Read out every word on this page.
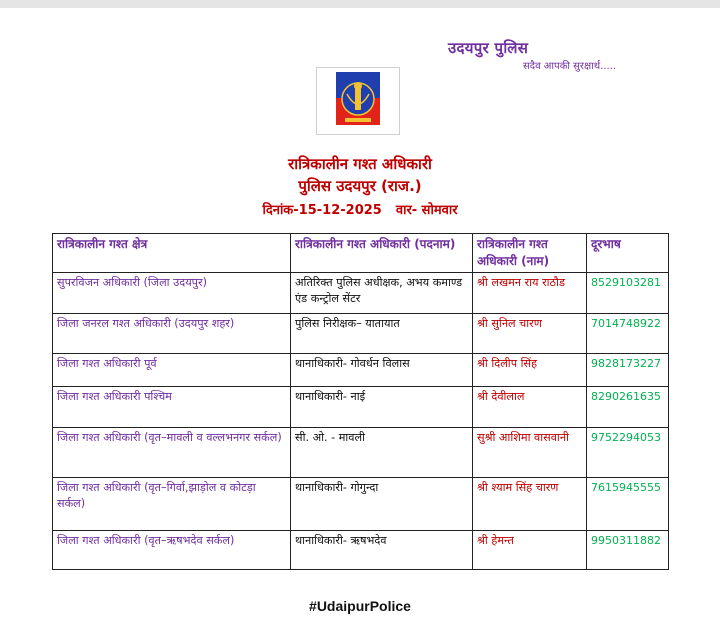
उदयपुर पुलिस
सदैव आपकी सुरक्षार्थ.....
रात्रिकालीन गश्त अधिकारी
पुलिस उदयपुर (राज.)
दिनांक-15-12-2025 वार- सोमवार
रात्रिकालीन गश्त क्षेत्र	रात्रिकालीन गश्त अधिकारी (पदनाम)	रात्रिकालीन गश्त अधिकारी (नाम)	दूरभाष
सुपरविजन अधिकारी (जिला उदयपुर)	अतिरिक्त पुलिस अधीक्षक, अभय कमाण्ड एंड कन्ट्रोल सेंटर	श्री लखमन राय राठौड	8529103281
जिला जनरल गश्त अधिकारी (उदयपुर शहर)	पुलिस निरीक्षक– यातायात	श्री सुनिल चारण	7014748922
जिला गश्त अधिकारी पूर्व	थानाधिकारी- गोवर्धन विलास	श्री दिलीप सिंह	9828173227
जिला गश्त अधिकारी पश्चिम	थानाधिकारी- नाई	श्री देवीलाल	8290261635
जिला गश्त अधिकारी (वृत–मावली व वल्लभनगर सर्कल)	सी. ओ. - मावली	सुश्री आशिमा वासवानी	9752294053
जिला गश्त अधिकारी (वृत–गिर्वा,झाड़ोल व कोटड़ा सर्कल)	थानाधिकारी- गोगुन्दा	श्री श्याम सिंह चारण	7615945555
जिला गश्त अधिकारी (वृत–ऋषभदेव सर्कल)	थानाधिकारी- ऋषभदेव	श्री हेमन्त	9950311882
#UdaipurPolice
